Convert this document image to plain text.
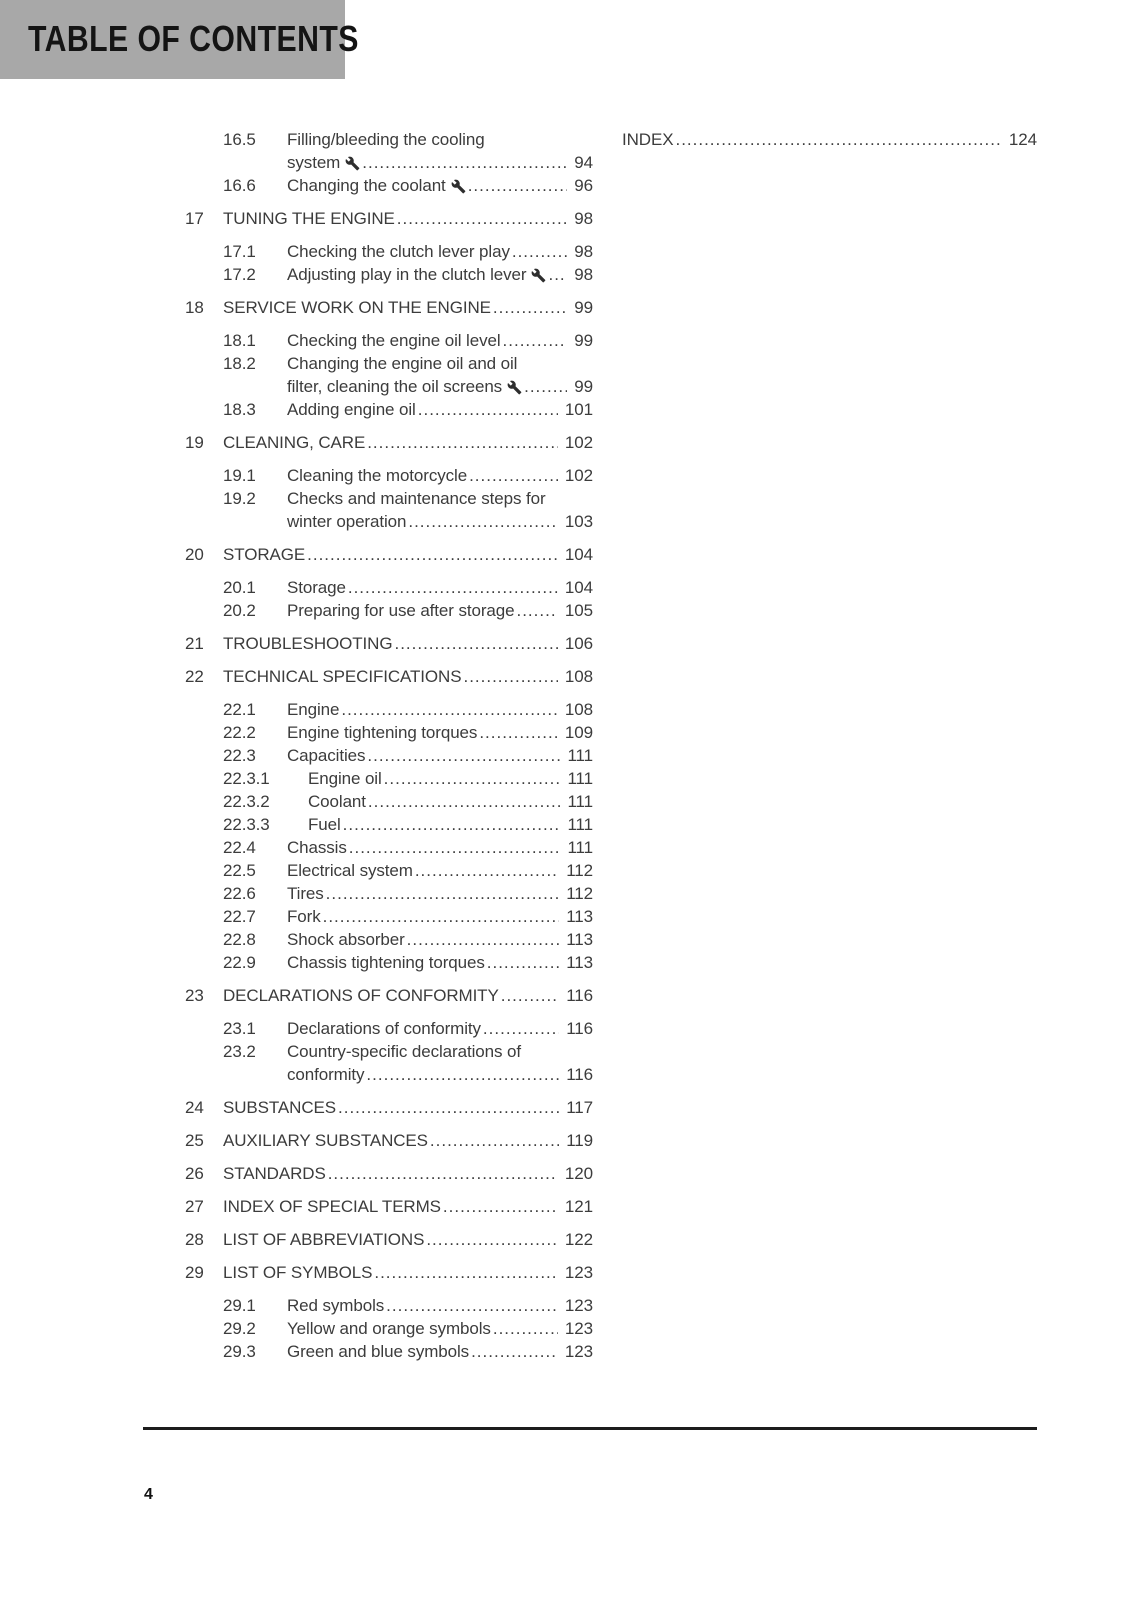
TABLE OF CONTENTS
16.5	Filling/bleeding the cooling

system .....	94
16.6	Changing the coolant .....	96
17	TUNING THE ENGINE .....	98
17.1	Checking the clutch lever play .....	98
17.2	Adjusting play in the clutch lever .....	98
18	SERVICE WORK ON THE ENGINE .....	99
18.1	Checking the engine oil level .....	99
18.2	Changing the engine oil and oil

filter, cleaning the oil screens .....	99
18.3	Adding engine oil .....	101
19	CLEANING, CARE .....	102
19.1	Cleaning the motorcycle .....	102
19.2	Checks and maintenance steps for

winter operation .....	103
20	STORAGE .....	104
20.1	Storage .....	104
20.2	Preparing for use after storage .....	105
21	TROUBLESHOOTING .....	106
22	TECHNICAL SPECIFICATIONS .....	108
22.1	Engine .....	108
22.2	Engine tightening torques .....	109
22.3	Capacities .....	111
22.3.1	Engine oil .....	111
22.3.2	Coolant .....	111
22.3.3	Fuel .....	111
22.4	Chassis .....	111
22.5	Electrical system .....	112
22.6	Tires .....	112
22.7	Fork .....	113
22.8	Shock absorber .....	113
22.9	Chassis tightening torques .....	113
23	DECLARATIONS OF CONFORMITY .....	116
23.1	Declarations of conformity .....	116
23.2	Country-specific declarations of

conformity .....	116
24	SUBSTANCES .....	117
25	AUXILIARY SUBSTANCES .....	119
26	STANDARDS .....	120
27	INDEX OF SPECIAL TERMS .....	121
28	LIST OF ABBREVIATIONS .....	122
29	LIST OF SYMBOLS .....	123
29.1	Red symbols .....	123
29.2	Yellow and orange symbols .....	123
29.3	Green and blue symbols .....	123
INDEX .....	124
4
